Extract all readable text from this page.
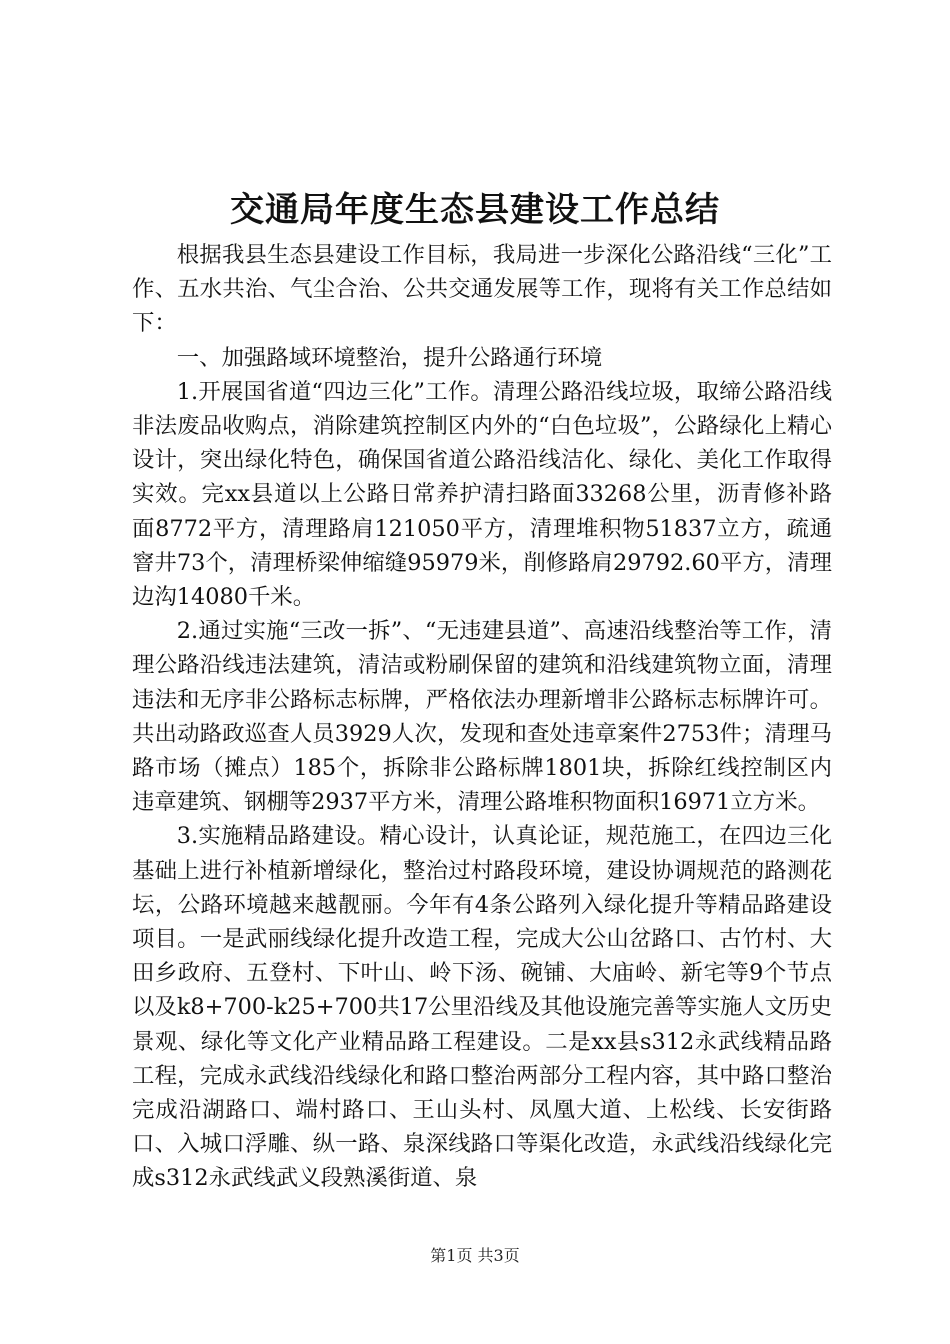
交通局年度生态县建设工作总结

根据我县生态县建设工作目标，我局进一步深化公路沿线“三化”工作、五水共治、气尘合治、公共交通发展等工作，现将有关工作总结如下：

一、加强路域环境整治，提升公路通行环境

1.开展国省道“四边三化”工作。清理公路沿线垃圾，取缔公路沿线非法废品收购点，消除建筑控制区内外的“白色垃圾”，公路绿化上精心设计，突出绿化特色，确保国省道公路沿线洁化、绿化、美化工作取得实效。完xx县道以上公路日常养护清扫路面33268公里，沥青修补路面8772平方，清理路肩121050平方，清理堆积物51837立方，疏通窨井73个，清理桥梁伸缩缝95979米，削修路肩29792.60平方，清理边沟14080千米。

2.通过实施“三改一拆”、“无违建县道”、高速沿线整治等工作，清理公路沿线违法建筑，清洁或粉刷保留的建筑和沿线建筑物立面，清理违法和无序非公路标志标牌，严格依法办理新增非公路标志标牌许可。共出动路政巡查人员3929人次，发现和查处违章案件2753件；清理马路市场（摊点）185个，拆除非公路标牌1801块，拆除红线控制区内违章建筑、钢棚等2937平方米，清理公路堆积物面积16971立方米。

3.实施精品路建设。精心设计，认真论证，规范施工，在四边三化基础上进行补植新增绿化，整治过村路段环境，建设协调规范的路测花坛，公路环境越来越靓丽。今年有4条公路列入绿化提升等精品路建设项目。一是武丽线绿化提升改造工程，完成大公山岔路口、古竹村、大田乡政府、五登村、下叶山、岭下汤、碗铺、大庙岭、新宅等9个节点以及k8+700-k25+700共17公里沿线及其他设施完善等实施人文历史景观、绿化等文化产业精品路工程建设。二是xx县s312永武线精品路工程，完成永武线沿线绿化和路口整治两部分工程内容，其中路口整治完成沿湖路口、端村路口、王山头村、凤凰大道、上松线、长安街路口、入城口浮雕、纵一路、泉深线路口等渠化改造，永武线沿线绿化完成s312永武线武义段熟溪街道、泉

第1页 共3页
